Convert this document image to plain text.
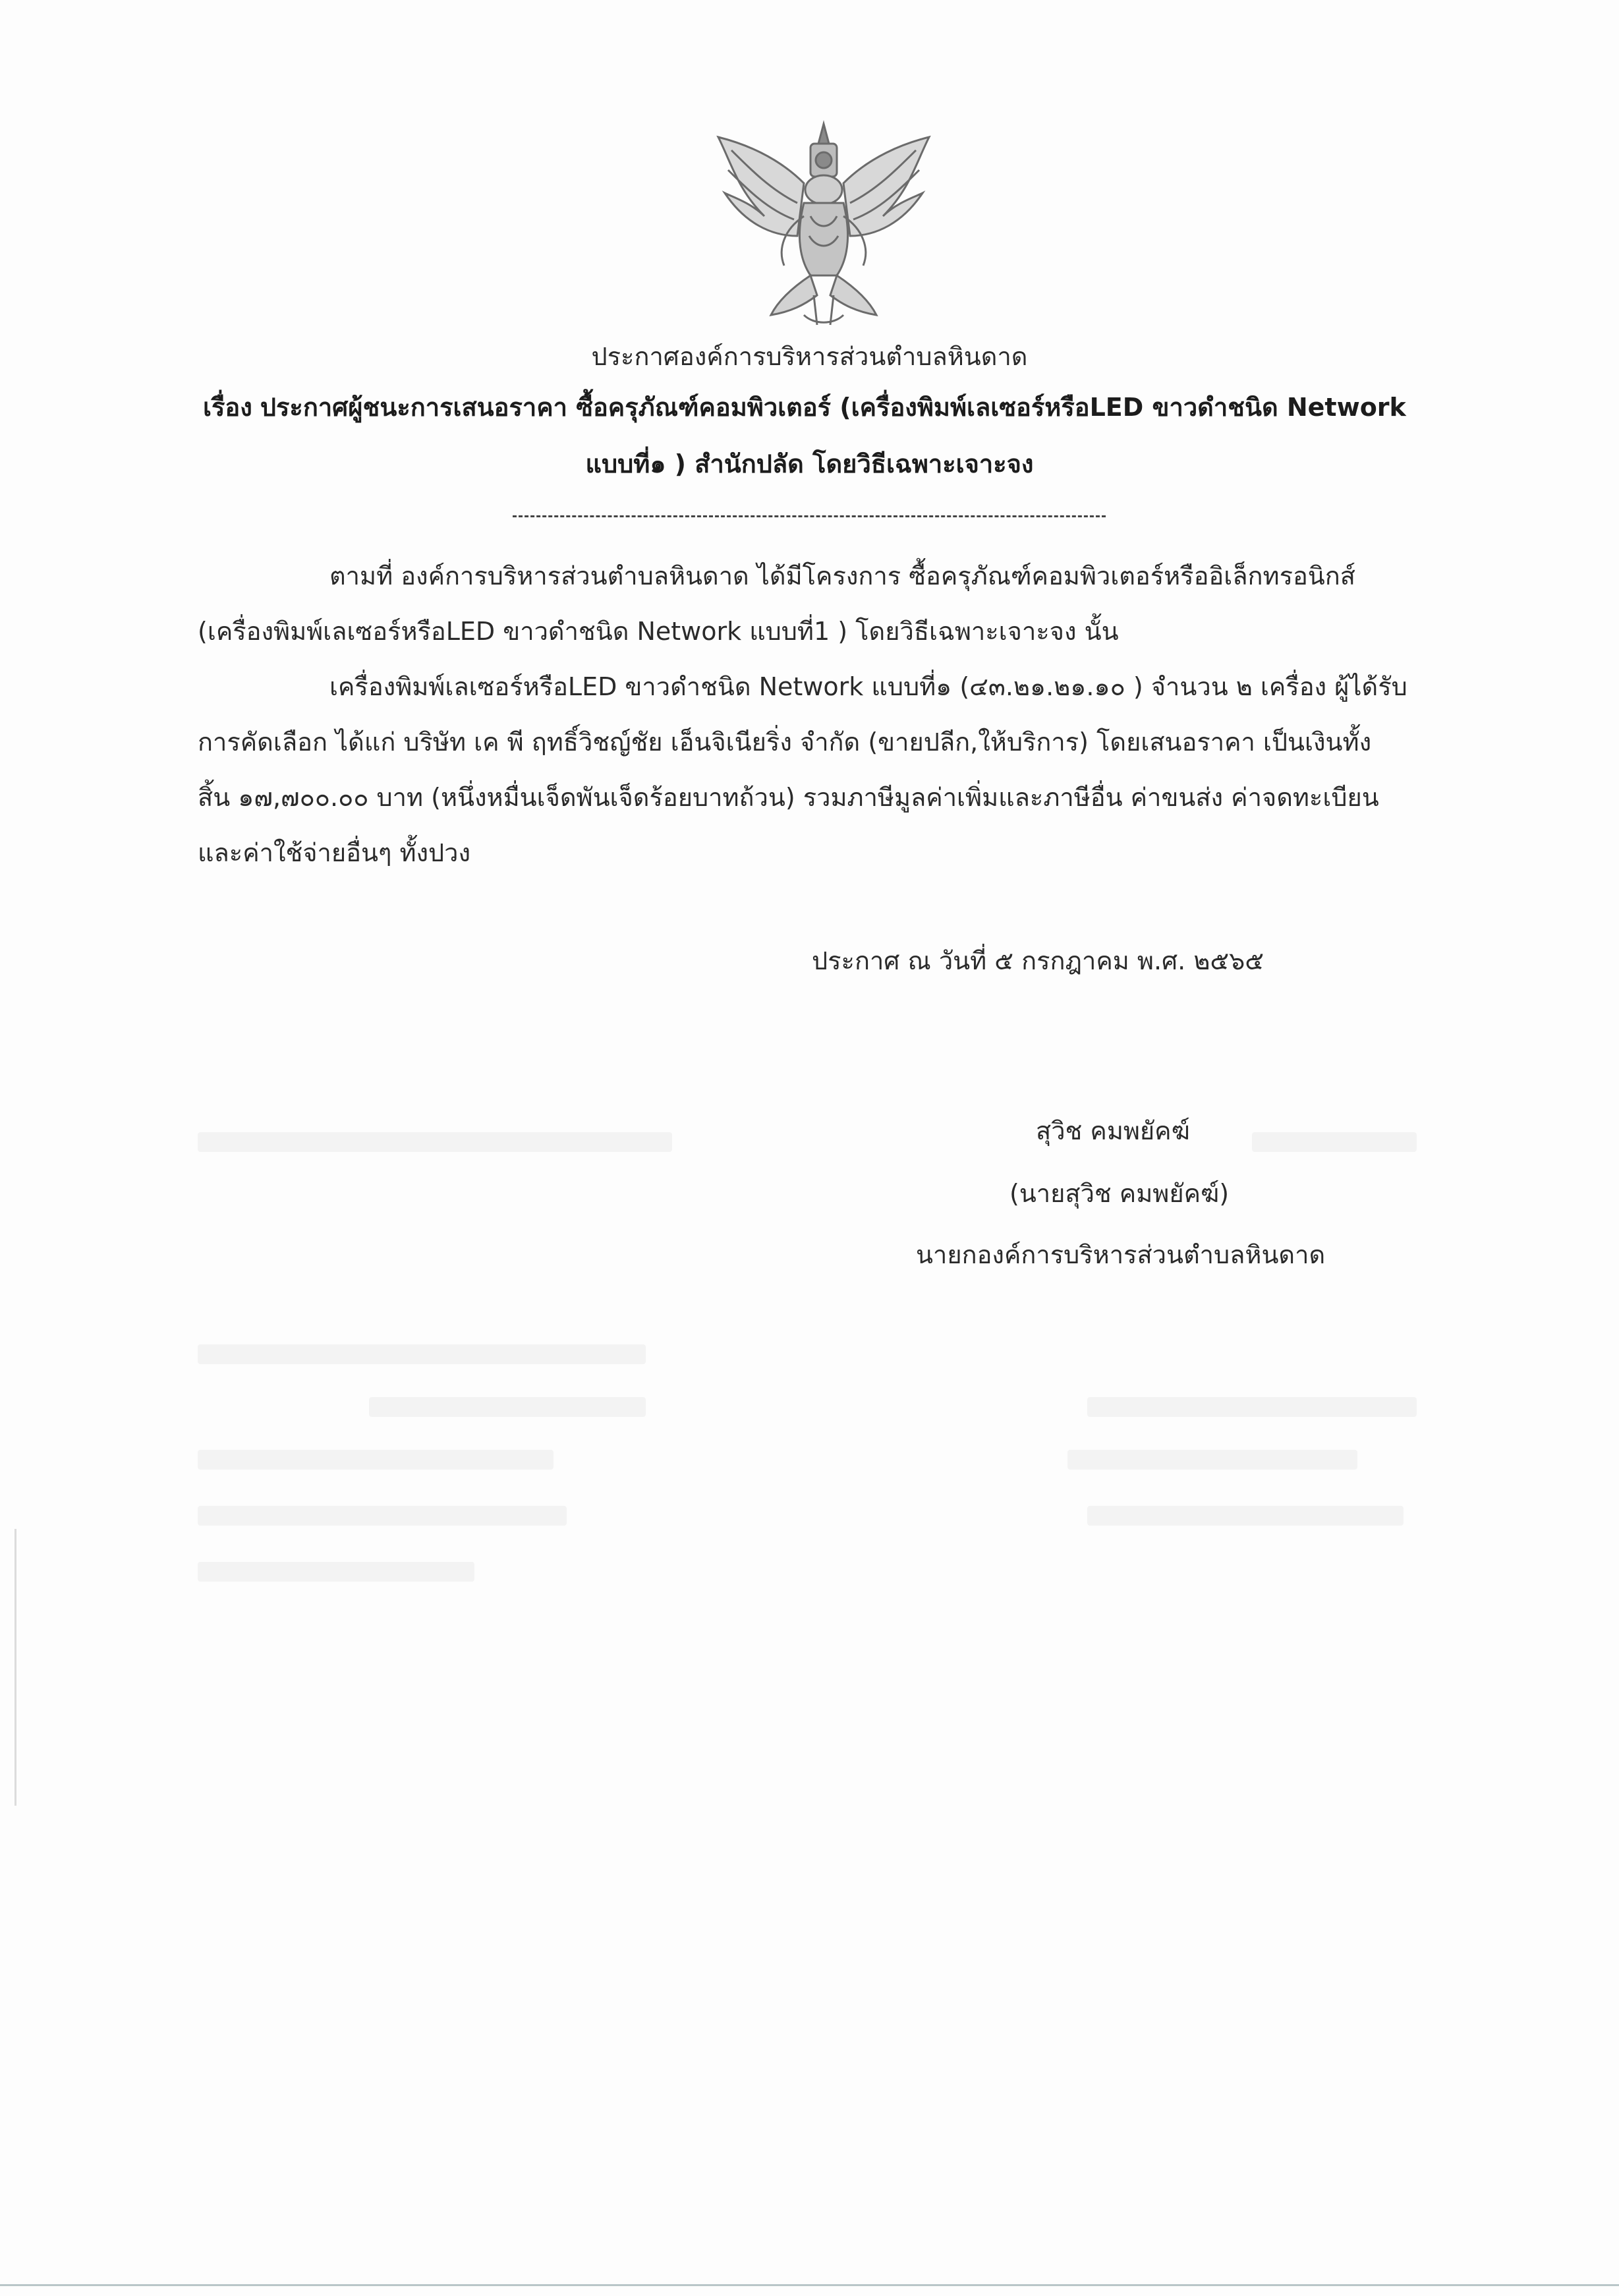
ประกาศองค์การบริหารส่วนตำบลหินดาด
เรื่อง ประกาศผู้ชนะการเสนอราคา ซื้อครุภัณฑ์คอมพิวเตอร์ (เครื่องพิมพ์เลเซอร์หรือLED ขาวดำชนิด Network
แบบที่๑ ) สำนักปลัด โดยวิธีเฉพาะเจาะจง
ตามที่ องค์การบริหารส่วนตำบลหินดาด ได้มีโครงการ ซื้อครุภัณฑ์คอมพิวเตอร์หรืออิเล็กทรอนิกส์
(เครื่องพิมพ์เลเซอร์หรือLED ขาวดำชนิด Network แบบที่1 ) โดยวิธีเฉพาะเจาะจง นั้น
เครื่องพิมพ์เลเซอร์หรือLED ขาวดำชนิด Network แบบที่๑ (๔๓.๒๑.๒๑.๑๐ ) จำนวน ๒ เครื่อง ผู้ได้รับ
การคัดเลือก ได้แก่ บริษัท เค พี ฤทธิ์วิชญ์ชัย เอ็นจิเนียริ่ง จำกัด (ขายปลีก,ให้บริการ) โดยเสนอราคา เป็นเงินทั้ง
สิ้น ๑๗,๗๐๐.๐๐ บาท (หนึ่งหมื่นเจ็ดพันเจ็ดร้อยบาทถ้วน) รวมภาษีมูลค่าเพิ่มและภาษีอื่น ค่าขนส่ง ค่าจดทะเบียน
และค่าใช้จ่ายอื่นๆ ทั้งปวง
ประกาศ ณ วันที่ ๕ กรกฎาคม พ.ศ. ๒๕๖๕
สุวิช คมพยัคฆ์
(นายสุวิช คมพยัคฆ์)
นายกองค์การบริหารส่วนตำบลหินดาด
